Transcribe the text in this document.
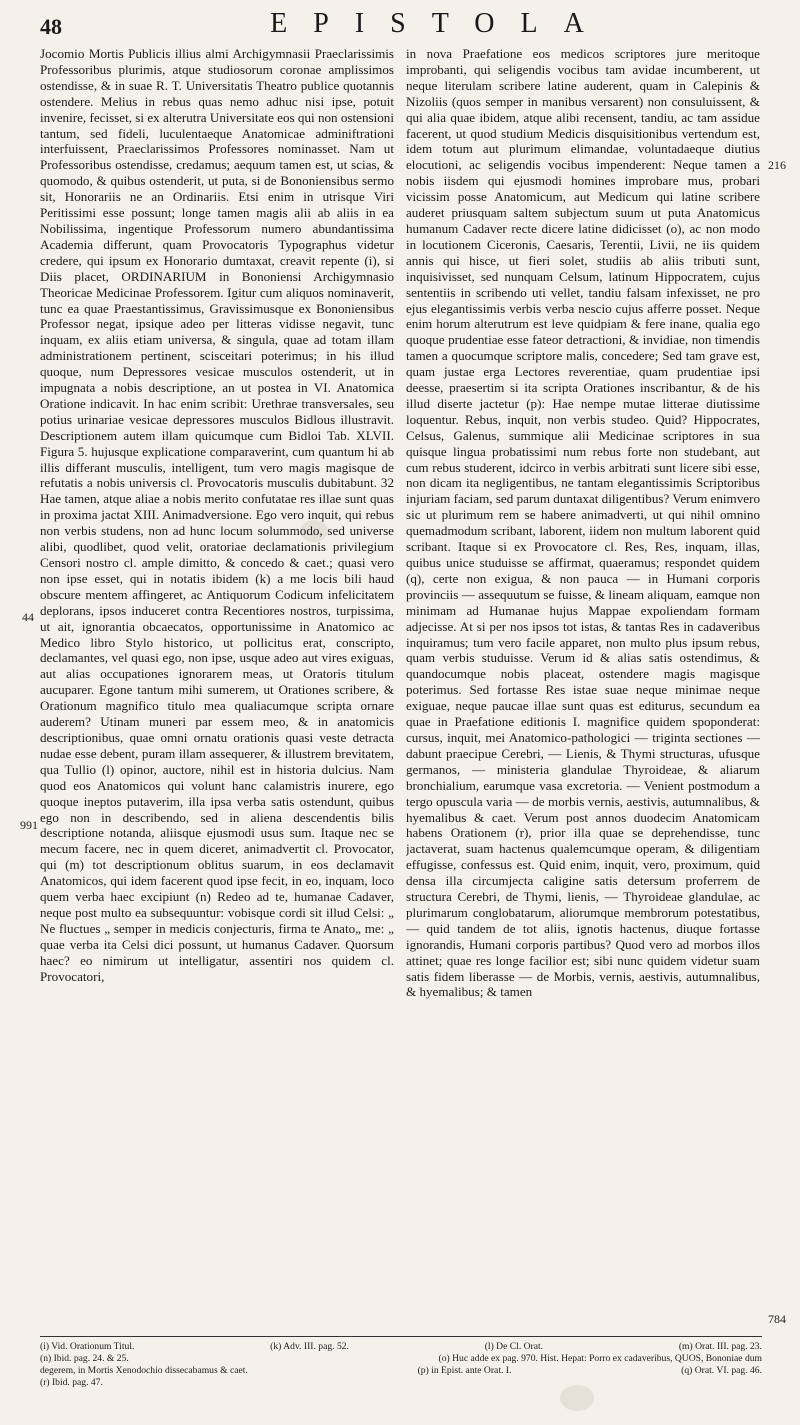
48	EPISTOLA

Jocomio Mortis Publicis illius almi Archigymnasii Praeclarissimis Professoribus plurimis, atque studiosorum coronae amplissimos ostendisse, & in suae R. T. Universitatis Theatro publice quotannis ostendere. Melius in rebus quas nemo adhuc nisi ipse, potuit invenire, fecisset, si ex alterutra Universitate eos qui non ostensioni tantum, sed fideli, luculentaeque Anatomicae adminiftrationi interfuissent, Praeclarissimos Professores nominasset. Nam ut Professoribus ostendisse, credamus; aequum tamen est, ut scias, & quomodo, & quibus ostenderit, ut puta, si de Bononiensibus sermo sit, Honorariis ne an Ordinariis. Etsi enim in utrisque Viri Peritissimi esse possunt; longe tamen magis alii ab aliis in ea Nobilissima, ingentique Professorum numero abundantissima Academia differunt, quam Provocatoris Typographus videtur credere, qui ipsum ex Honorario dumtaxat, creavit repente (i), si Diis placet, ORDINARIUM in Bononiensi Archigymnasio Theoricae Medicinae Professorem. Igitur cum aliquos nominaverit, tunc ea quae Praestantissimus, Gravissimusque ex Bononiensibus Professor negat, ipsique adeo per litteras vidisse negavit, tunc inquam, ex aliis etiam universa, & singula, quae ad totam illam administrationem pertinent, scisceitari poterimus; in his illud quoque, num Depressores vesicae musculos ostenderit, ut in impugnata a nobis descriptione, an ut postea in VI. Anatomica Oratione indicavit. In hac enim scribit: Urethrae transversales, seu potius urinariae vesicae depressores musculos Bidlous illustravit. Descriptionem autem illam quicumque cum Bidloi Tab. XLVII. Figura 5. hujusque explicatione comparaverint, cum quantum hi ab illis differant musculis, intelligent, tum vero magis magisque de refutatis a nobis universis cl. Provocatoris musculis dubitabunt. 32 Hae tamen, atque aliae a nobis merito confutatae res illae sunt quas in proxima jactat XIII. Animadversione. Ego vero inquit, qui rebus non verbis studens, non ad hunc locum solummodo, sed universe alibi, quodlibet, quod velit, oratoriae declamationis privilegium Censori nostro cl. ample dimitto, & concedo & caet.; quasi vero non ipse esset, qui in notatis ibidem (k) a me locis bili haud obscure mentem affingeret, ac Antiquorum Codicum infelicitatem deplorans, ipsos induceret contra Recentiores nostros, turpissima, ut ait, ignorantia obcaecatos, opportunissime in Anatomico ac Medico libro Stylo historico, ut pollicitus erat, conscripto, declamantes, vel quasi ego, non ipse, usque adeo aut vires exiguas, aut alias occupationes ignorarem meas, ut Oratoris titulum aucuparer. Egone tantum mihi sumerem, ut Orationes scribere, & Orationum magnifico titulo mea qualiacumque scripta ornare auderem? Utinam muneri par essem meo, & in anatomicis descriptionibus, quae omni ornatu orationis quasi veste detracta nudae esse debent, puram illam assequerer, & illustrem brevitatem, qua Tullio (l) opinor, auctore, nihil est in historia dulcius. Nam quod eos Anatomicos qui volunt hanc calamistris inurere, ego quoque ineptos putaverim, illa ipsa verba satis ostendunt, quibus ego non in describendo, sed in aliena descendentis bilis descriptione notanda, aliisque ejusmodi usus sum. Itaque nec se mecum facere, nec in quem diceret, animadvertit cl. Provocator, qui (m) tot descriptionum oblitus suarum, in eos declamavit Anatomicos, qui idem facerent quod ipse fecit, in eo, inquam, loco quem verba haec excipiunt (n) Redeo ad te, humanae Cadaver, neque post multo ea subsequuntur: vobisque cordi sit illud Celsi: „ Ne fluctues „ semper in medicis conjecturis, firma te Anato„ me: „ quae verba ita Celsi dici possunt, ut humanus Cadaver. Quorsum haec? eo nimirum ut intelligatur, assentiri nos quidem cl. Provocatori,

in nova Praefatione eos medicos scriptores jure meritoque improbanti, qui seligendis vocibus tam avidae incumberent, ut neque literulam scribere latine auderent, quam in Calepinis & Nizoliis (quos semper in manibus versarent) non consuluissent, & qui alia quae ibidem, atque alibi recensent, tandiu, ac tam assidue facerent, ut quod studium Medicis disquisitionibus vertendum est, idem totum aut plurimum elimandae, voluntadaeque diutius elocutioni, ac seligendis vocibus impenderent: Neque tamen a nobis iisdem qui ejusmodi homines improbare mus, probari vicissim posse Anatomicum, aut Medicum qui latine scribere auderet priusquam saltem subjectum suum ut puta Anatomicus humanum Cadaver recte dicere latine didicisset (o), ac non modo in locutionem Ciceronis, Caesaris, Terentii, Livii, ne iis quidem annis qui hisce, ut fieri solet, studiis ab aliis tributi sunt, inquisivisset, sed nunquam Celsum, latinum Hippocratem, cujus sententiis in scribendo uti vellet, tandiu falsam infexisset, ne pro ejus elegantissimis verbis verba nescio cujus afferre posset. Neque enim horum alterutrum est leve quidpiam & fere inane, qualia ego quoque prudentiae esse fateor detractioni, & invidiae, non timendis tamen a quocumque scriptore malis, concedere; Sed tam grave est, quam justae erga Lectores reverentiae, quam prudentiae ipsi deesse, praesertim si ita scripta Orationes inscribantur, & de his illud diserte jactetur (p): Hae nempe mutae litterae diutissime loquentur. Rebus, inquit, non verbis studeo. Quid? Hippocrates, Celsus, Galenus, summique alii Medicinae scriptores in sua quisque lingua probatissimi num rebus forte non studebant, aut cum rebus studerent, idcirco in verbis arbitrati sunt licere sibi esse, non dicam ita negligentibus, ne tantam elegantissimis Scriptoribus injuriam faciam, sed parum duntaxat diligentibus? Verum enimvero sic ut plurimum rem se habere animadverti, ut qui nihil omnino quemadmodum scribant, laborent, iidem non multum laborent quid scribant. Itaque si ex Provocatore cl. Res, Res, inquam, illas, quibus unice studuisse se affirmat, quaeramus; respondet quidem (q), certe non exigua, & non pauca — in Humani corporis provinciis — assequutum se fuisse, & lineam aliquam, eamque non minimam ad Humanae hujus Mappae expoliendam formam adjecisse. At si per nos ipsos tot istas, & tantas Res in cadaveribus inquiramus; tum vero facile apparet, non multo plus ipsum rebus, quam verbis studuisse. Verum id & alias satis ostendimus, & quandocumque nobis placeat, ostendere magis magisque poterimus. Sed fortasse Res istae suae neque minimae neque exiguae, neque paucae illae sunt quas est editurus, secundum ea quae in Praefatione editionis I. magnifice quidem spoponderat: cursus, inquit, mei Anatomico-pathologici — triginta sectiones — dabunt praecipue Cerebri, — Lienis, & Thymi structuras, ufusque germanos, — ministeria glandulae Thyroideae, & aliarum bronchialium, earumque vasa excretoria. — Venient postmodum a tergo opuscula varia — de morbis vernis, aestivis, autumnalibus, & hyemalibus & caet. Verum post annos duodecim Anatomicam habens Orationem (r), prior illa quae se deprehendisse, tunc jactaverat, suam hactenus qualemcumque operam, & diligentiam effugisse, confessus est. Quid enim, inquit, vero, proximum, quid densa illa circumjecta caligine satis detersum proferrem de structura Cerebri, de Thymi, lienis, — Thyroideae glandulae, ac plurimarum conglobatarum, aliorumque membrorum potestatibus, — quid tandem de tot aliis, ignotis hactenus, diuque fortasse ignorandis, Humani corporis partibus? Quod vero ad morbos illos attinet; quae res longe facilior est; sibi nunc quidem videtur suam satis fidem liberasse — de Morbis, vernis, aestivis, autumnalibus, & hyemalibus; & tamen

44
991
216
784
(i) Vid. Orationum Titul.	(k) Adv. III. pag. 52.	(l) De Cl. Orat.	(m) Orat. III. pag. 23.
(n) Ibid. pag. 24. & 25.	(o) Huc adde ex pag. 970. Hist. Hepat: Porro ex cadaveribus, QUOS, Bononiae dum
degerem, in Mortis Xenodochio dissecabamus & caet.	(p) in Epist. ante Orat. I.	(q) Orat. VI. pag. 46.
(r) Ibid. pag. 47.
